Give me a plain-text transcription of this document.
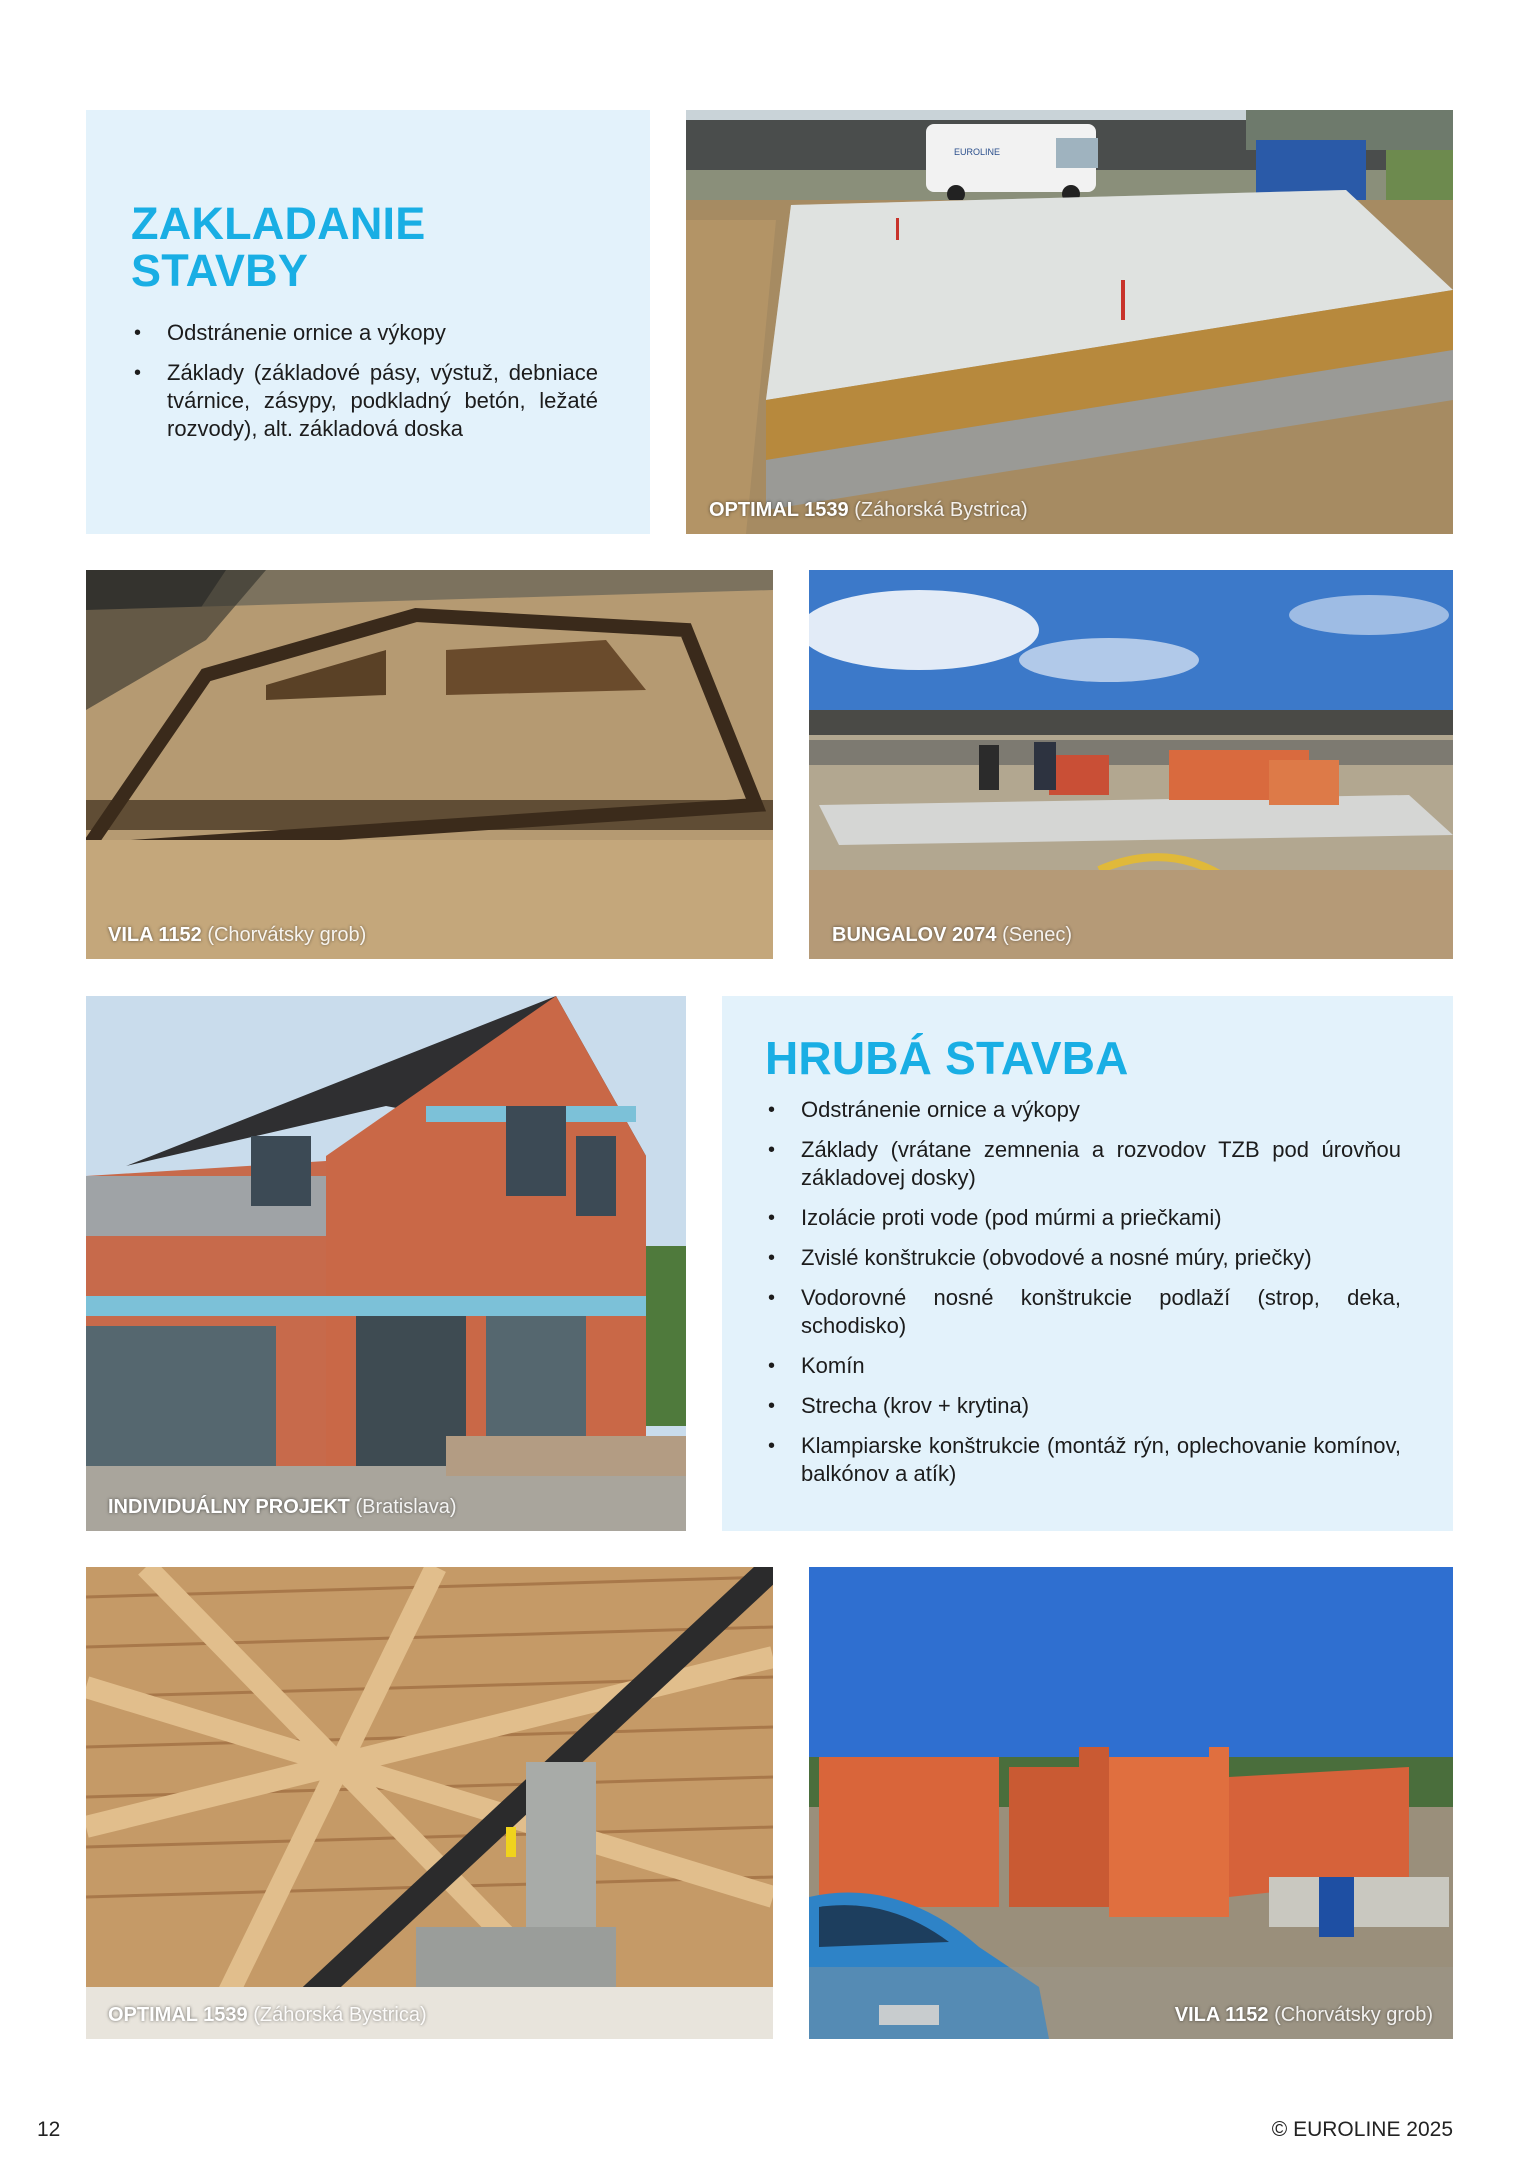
ZAKLADANIE
STAVBY
• Odstránenie ornice a výkopy
• Základy (základové pásy, výstuž, debniace tvárnice, zásypy, podkladný betón, ležaté rozvody), alt. základová doska
EUROLINE
OPTIMAL 1539 (Záhorská Bystrica)
VILA 1152 (Chorvátsky grob)	BUNGALOV 2074 (Senec)
INDIVIDUÁLNY PROJEKT (Bratislava)
HRUBÁ STAVBA
• Odstránenie ornice a výkopy
• Základy (vrátane zemnenia a rozvodov TZB pod úrovňou základovej dosky)
• Izolácie proti vode (pod múrmi a priečkami)
• Zvislé konštrukcie (obvodové a nosné múry, priečky)
• Vodorovné nosné konštrukcie podlaží (strop, deka, schodisko)
• Komín
• Strecha (krov + krytina)
• Klampiarske konštrukcie (montáž rýn, oplechovanie komínov, balkónov a atík)
OPTIMAL 1539 (Záhorská Bystrica)	VILA 1152 (Chorvátsky grob)
12	© EUROLINE 2025
